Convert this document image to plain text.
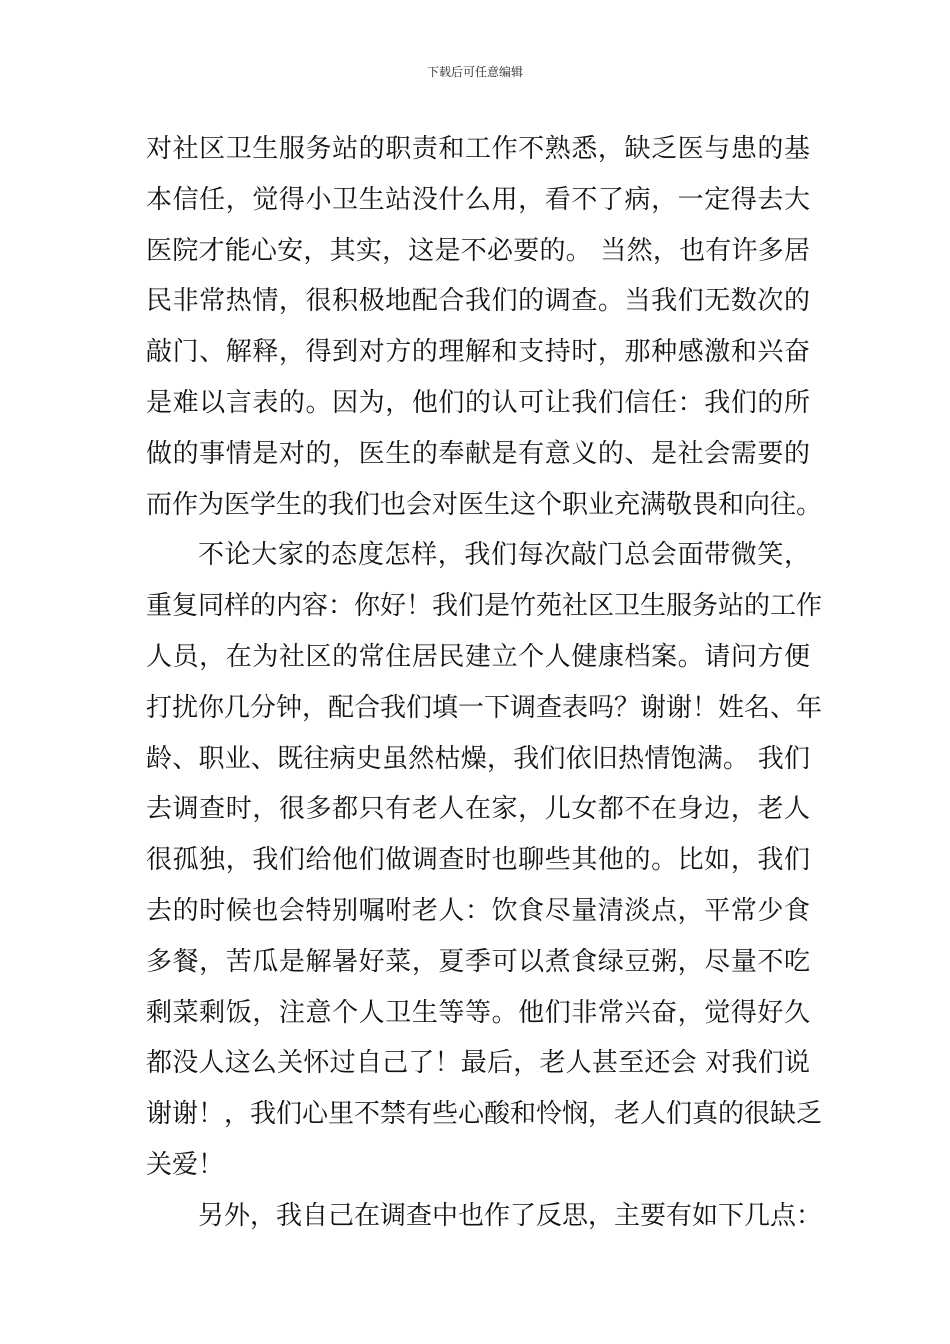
下载后可任意编辑
对社区卫生服务站的职责和工作不熟悉，缺乏医与患的基
本信任，觉得小卫生站没什么用，看不了病，一定得去大
医院才能心安，其实，这是不必要的。 当然，也有许多居
民非常热情，很积极地配合我们的调查。当我们无数次的
敲门、解释，得到对方的理解和支持时，那种感激和兴奋
是难以言表的。因为，他们的认可让我们信任：我们的所
做的事情是对的，医生的奉献是有意义的、是社会需要的
而作为医学生的我们也会对医生这个职业充满敬畏和向往。
不论大家的态度怎样，我们每次敲门总会面带微笑，
重复同样的内容：你好！我们是竹苑社区卫生服务站的工作
人员，在为社区的常住居民建立个人健康档案。请问方便
打扰你几分钟，配合我们填一下调查表吗？谢谢！姓名、年
龄、职业、既往病史虽然枯燥，我们依旧热情饱满。 我们
去调查时，很多都只有老人在家，儿女都不在身边，老人
很孤独，我们给他们做调查时也聊些其他的。比如，我们
去的时候也会特别嘱咐老人：饮食尽量清淡点，平常少食
多餐，苦瓜是解暑好菜，夏季可以煮食绿豆粥，尽量不吃
剩菜剩饭，注意个人卫生等等。他们非常兴奋，觉得好久
都没人这么关怀过自己了！最后，老人甚至还会 对我们说
谢谢！，我们心里不禁有些心酸和怜悯，老人们真的很缺乏
关爱！
另外，我自己在调查中也作了反思，主要有如下几点：
